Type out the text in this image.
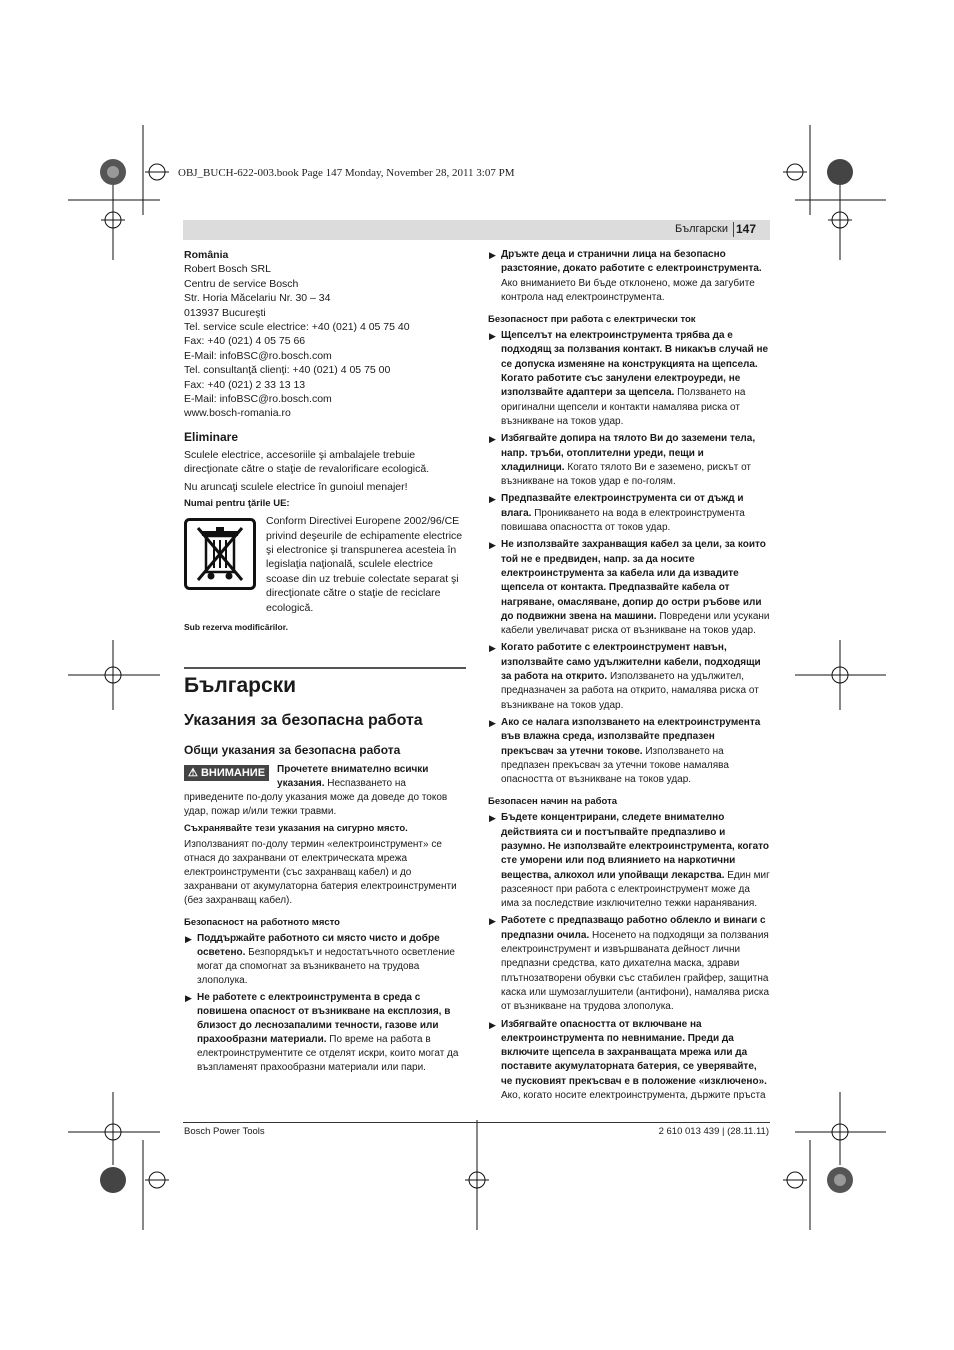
OBJ_BUCH-622-003.book Page 147 Monday, November 28, 2011 3:07 PM
Български 147

România

Robert Bosch SRL

Centru de service Bosch

Str. Horia Măcelariu Nr. 30 – 34

013937 Bucureşti

Tel. service scule electrice: +40 (021) 4 05 75 40

Fax: +40 (021) 4 05 75 66

E-Mail: infoBSC@ro.bosch.com

Tel. consultanţă clienţi: +40 (021) 4 05 75 00

Fax: +40 (021) 2 33 13 13

E-Mail: infoBSC@ro.bosch.com

www.bosch-romania.ro

Eliminare

Sculele electrice, accesoriile şi ambalajele trebuie direcţionate către o staţie de revalorificare ecologică.

Nu aruncaţi sculele electrice în gunoiul menajer!

Numai pentru ţările UE:

Conform Directivei Europene 2002/96/CE privind deşeurile de echipamente electrice şi electronice şi transpunerea acesteia în legislaţia naţională, sculele electrice scoase din uz trebuie colectate separat şi direcţionate către o staţie de reciclare ecologică.

Sub rezerva modificărilor.

Български

Указания за безопасна работа

Общи указания за безопасна работа

⚠ ВНИМАНИЕ	Прочетете внимателно всички указания. Неспазването на приведените по-долу указания може да доведе до токов удар, пожар и/или тежки травми.

Съхранявайте тези указания на сигурно място.

Използваният по-долу термин «електроинструмент» се отнася до захранвани от електрическата мрежа електроинструменти (със захранващ кабел) и до захранвани от акумулаторна батерия електроинструменти (без захранващ кабел).

Безопасност на работното място

▶ Поддържайте работното си място чисто и добре осветено. Безпорядъкът и недостатъчното осветление могат да спомогнат за възникването на трудова злополука.

▶ Не работете с електроинструмента в среда с повишена опасност от възникване на експлозия, в близост до леснозапалими течности, газове или прахообразни материали. По време на работа в електроинструментите се отделят искри, които могат да възпламенят прахообразни материали или пари.

▶ Дръжте деца и странични лица на безопасно разстояние, докато работите с електроинструмента. Ако вниманието Ви бъде отклонено, може да загубите контрола над електроинструмента.

Безопасност при работа с електрически ток

▶ Щепселът на електроинструмента трябва да е подходящ за ползвания контакт. В никакъв случай не се допуска изменяне на конструкцията на щепсела. Когато работите със занулени електроуреди, не използвайте адаптери за щепсела. Ползването на оригинални щепсели и контакти намалява риска от възникване на токов удар.

▶ Избягвайте допира на тялото Ви до заземени тела, напр. тръби, отоплителни уреди, пещи и хладилници. Когато тялото Ви е заземено, рискът от възникване на токов удар е по-голям.

▶ Предпазвайте електроинструмента си от дъжд и влага. Проникването на вода в електроинструмента повишава опасността от токов удар.

▶ Не използвайте захранващия кабел за цели, за които той не е предвиден, напр. за да носите електроинструмента за кабела или да извадите щепсела от контакта. Предпазвайте кабела от нагряване, омасляване, допир до остри ръбове или до подвижни звена на машини. Повредени или усукани кабели увеличават риска от възникване на токов удар.

▶ Когато работите с електроинструмент навън, използвайте само удължителни кабели, подходящи за работа на открито. Използването на удължител, предназначен за работа на открито, намалява риска от възникване на токов удар.

▶ Ако се налага използването на електроинструмента във влажна среда, използвайте предпазен прекъсвач за утечни токове. Използването на предпазен прекъсвач за утечни токове намалява опасността от възникване на токов удар.

Безопасен начин на работа

▶ Бъдете концентрирани, следете внимателно действията си и постъпвайте предпазливо и разумно. Не използвайте електроинструмента, когато сте уморени или под влиянието на наркотични вещества, алкохол или упойващи лекарства. Един миг разсеяност при работа с електроинструмент може да има за последствие изключително тежки наранявания.

▶ Работете с предпазващо работно облекло и винаги с предпазни очила. Носенето на подходящи за ползвания електроинструмент и извършваната дейност лични предпазни средства, като дихателна маска, здрави плътнозатворени обувки със стабилен грайфер, защитна каска или шумозаглушители (антифони), намалява риска от възникване на трудова злополука.

▶ Избягвайте опасността от включване на електроинструмента по невнимание. Преди да включите щепсела в захранващата мрежа или да поставите акумулаторната батерия, се уверявайте, че пусковият прекъсвач е в положение «изключено». Ако, когато носите електроинструмента, държите пръста

Bosch Power Tools	2 610 013 439 | (28.11.11)
